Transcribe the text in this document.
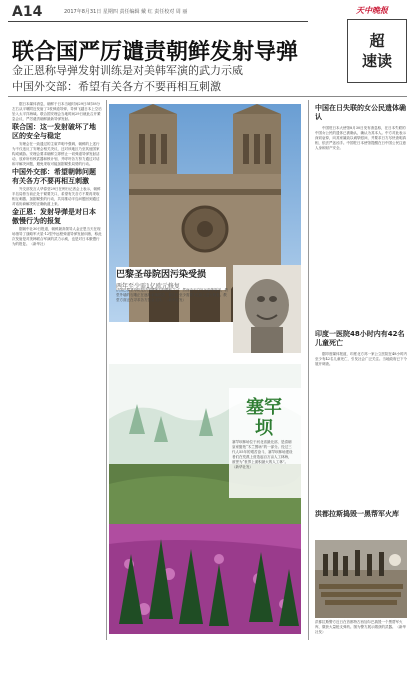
A14	2017年8月31日 星期四 责任编辑 戴 红 责任校对 周 丽	天中晚报
超
速读
联合国严厉谴责朝鲜发射导弹
金正恩称导弹发射训练是对美韩军演的武力示威
中国外交部：希望有关各方不要再相互刺激

据日本媒体消息，朝鲜于日本当地时间29日5时58分左右从平壤附近发射了1枚弹道导弹，导弹飞越日本上空后坠入太平洋海域。联合国安理会当地时间29日就此召开紧急会议，严厉谴责朝鲜最新导弹发射。

联合国：这一发射破坏了地区的安全与稳定

安理会在一致通过的主席声明中强调，朝鲜的上述行为不仅违反了安理会相关决议，还对该地区乃至其他国家构成威胁。安理会要求朝鲜立即停止一切弹道导弹发射活动，放弃所有核武器和核计划，并呼吁各方努力通过对话和平解决问题，避免采取可能加剧紧张局势的行动。

中国外交部：希望朝韩问题有关各方不要再相互刺激

外交部发言人华春莹29日在例行记者会上表示，朝鲜半岛局势当前正处于紧要关口，希望有关各方不要再采取相互刺激、加剧紧张的行动，共同推动半岛问题回到通过对话协商解决的正确轨道上来。

金正恩：发射导弹是对日本傲慢行为的报复

据朝中社30日报道，朝鲜最高领导人金正恩当天在现场指导了战略军火星-12型中远程弹道导弹发射训练，称此次发射是对美韩联合军演的武力示威，也是对日本傲慢行为的报复。（新华社）

巴黎圣母院因污染受损
两年至少需1亿欧元修复
法国巴黎圣母院是法国最著名的地标之一。然而由于空气污染等原因，教堂外墙的石雕正在逐渐剥落损毁，据估计至少需要1亿欧元进行修复。教堂方面正在寻求各方资金支持。（新华社发）
塞罕坝
塞罕坝林场位于河北省最北部，是清朝皇家猎苑“木兰围场”的一部分。经过三代人55年的艰苦奋斗，塞罕坝林场建设者们在荒漠上营造起百万亩人工林海，被誉为“世界上面积最大的人工林”。（新华社发）
中国在日失联的女公民遗体确认

中国驻日本大使馆8月30日发布消息称，在日本失联的中国女公民的遗体已被确认，确认为其本人。中方对此表示深切哀悼，向其家属致以诚挚慰问，并要求日方尽快查明真相，依法严惩凶手。中国驻日本使馆提醒在日中国公民注意人身和财产安全。

印度一医院48小时内有42名儿童死亡

据印度媒体报道，印度北方邦一家公立医院在48小时内至少有42名儿童死亡，引发社会广泛关注。当地政府已下令展开调查。

洪都拉斯捣毁一黑帮军火库
洪都拉斯警方近日在首都特古西加尔巴捣毁一个黑帮军火库，缴获大量枪支弹药。图为警方展示缴获的武器。（新华社发）
